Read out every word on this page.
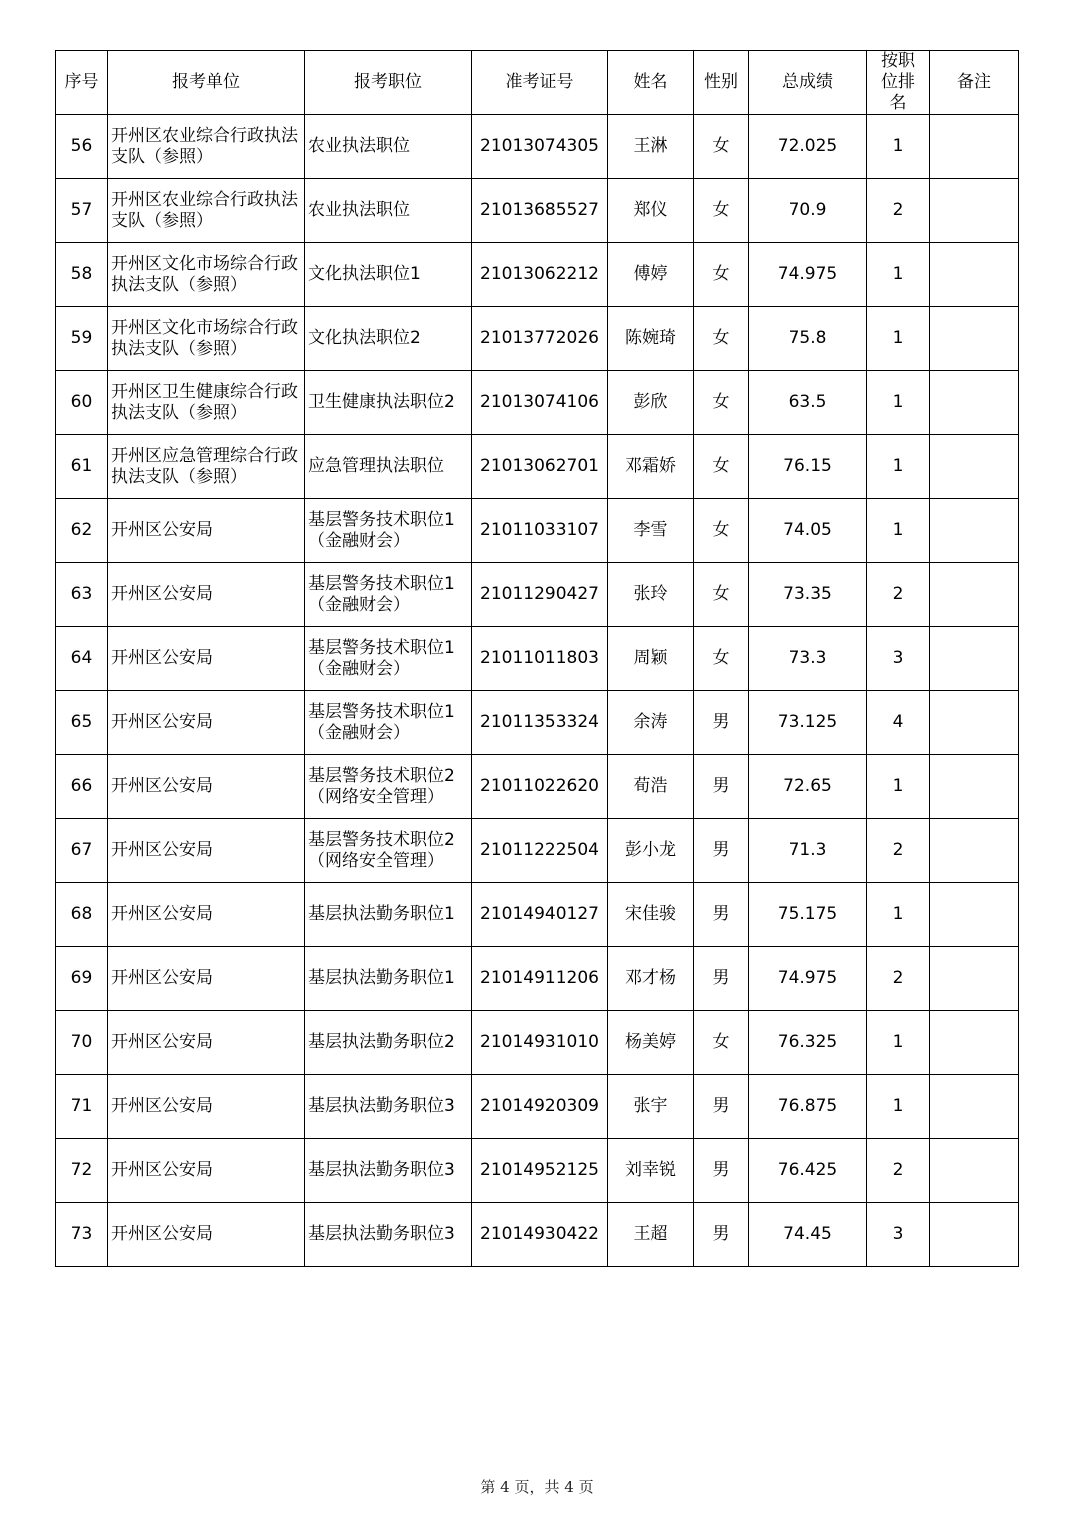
序号	报考单位	报考职位	准考证号	姓名	性别	总成绩	按职位排名	备注
56	开州区农业综合行政执法支队（参照）	农业执法职位	21013074305	王淋	女	72.025	1	
57	开州区农业综合行政执法支队（参照）	农业执法职位	21013685527	郑仪	女	70.9	2	
58	开州区文化市场综合行政执法支队（参照）	文化执法职位1	21013062212	傅婷	女	74.975	1	
59	开州区文化市场综合行政执法支队（参照）	文化执法职位2	21013772026	陈婉琦	女	75.8	1	
60	开州区卫生健康综合行政执法支队（参照）	卫生健康执法职位2	21013074106	彭欣	女	63.5	1	
61	开州区应急管理综合行政执法支队（参照）	应急管理执法职位	21013062701	邓霜娇	女	76.15	1	
62	开州区公安局	基层警务技术职位1（金融财会）	21011033107	李雪	女	74.05	1	
63	开州区公安局	基层警务技术职位1（金融财会）	21011290427	张玲	女	73.35	2	
64	开州区公安局	基层警务技术职位1（金融财会）	21011011803	周颖	女	73.3	3	
65	开州区公安局	基层警务技术职位1（金融财会）	21011353324	余涛	男	73.125	4	
66	开州区公安局	基层警务技术职位2（网络安全管理）	21011022620	荀浩	男	72.65	1	
67	开州区公安局	基层警务技术职位2（网络安全管理）	21011222504	彭小龙	男	71.3	2	
68	开州区公安局	基层执法勤务职位1	21014940127	宋佳骏	男	75.175	1	
69	开州区公安局	基层执法勤务职位1	21014911206	邓才杨	男	74.975	2	
70	开州区公安局	基层执法勤务职位2	21014931010	杨美婷	女	76.325	1	
71	开州区公安局	基层执法勤务职位3	21014920309	张宇	男	76.875	1	
72	开州区公安局	基层执法勤务职位3	21014952125	刘幸锐	男	76.425	2	
73	开州区公安局	基层执法勤务职位3	21014930422	王超	男	74.45	3	
第 4 页，共 4 页
